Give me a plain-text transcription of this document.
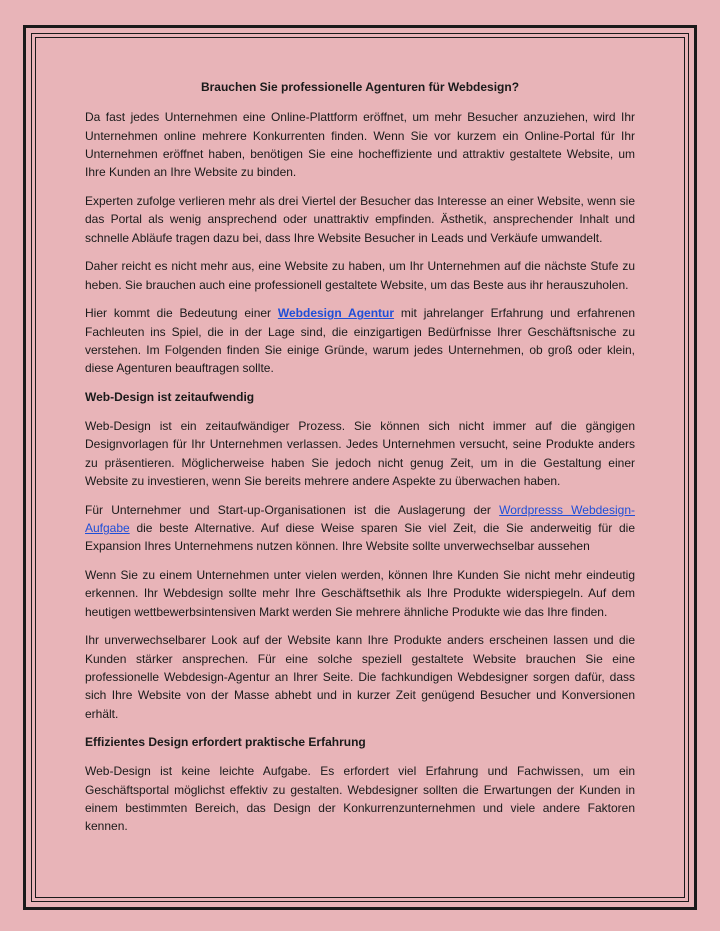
Brauchen Sie professionelle Agenturen für Webdesign?

Da fast jedes Unternehmen eine Online-Plattform eröffnet, um mehr Besucher anzuziehen, wird Ihr Unternehmen online mehrere Konkurrenten finden. Wenn Sie vor kurzem ein Online-Portal für Ihr Unternehmen eröffnet haben, benötigen Sie eine hocheffiziente und attraktiv gestaltete Website, um Ihre Kunden an Ihre Website zu binden.

Experten zufolge verlieren mehr als drei Viertel der Besucher das Interesse an einer Website, wenn sie das Portal als wenig ansprechend oder unattraktiv empfinden. Ästhetik, ansprechender Inhalt und schnelle Abläufe tragen dazu bei, dass Ihre Website Besucher in Leads und Verkäufe umwandelt.

Daher reicht es nicht mehr aus, eine Website zu haben, um Ihr Unternehmen auf die nächste Stufe zu heben. Sie brauchen auch eine professionell gestaltete Website, um das Beste aus ihr herauszuholen.

Hier kommt die Bedeutung einer Webdesign Agentur mit jahrelanger Erfahrung und erfahrenen Fachleuten ins Spiel, die in der Lage sind, die einzigartigen Bedürfnisse Ihrer Geschäftsnische zu verstehen. Im Folgenden finden Sie einige Gründe, warum jedes Unternehmen, ob groß oder klein, diese Agenturen beauftragen sollte.

Web-Design ist zeitaufwendig

Web-Design ist ein zeitaufwändiger Prozess. Sie können sich nicht immer auf die gängigen Designvorlagen für Ihr Unternehmen verlassen. Jedes Unternehmen versucht, seine Produkte anders zu präsentieren. Möglicherweise haben Sie jedoch nicht genug Zeit, um in die Gestaltung einer Website zu investieren, wenn Sie bereits mehrere andere Aspekte zu überwachen haben.

Für Unternehmer und Start-up-Organisationen ist die Auslagerung der Wordpresss Webdesign-Aufgabe die beste Alternative. Auf diese Weise sparen Sie viel Zeit, die Sie anderweitig für die Expansion Ihres Unternehmens nutzen können. Ihre Website sollte unverwechselbar aussehen

Wenn Sie zu einem Unternehmen unter vielen werden, können Ihre Kunden Sie nicht mehr eindeutig erkennen. Ihr Webdesign sollte mehr Ihre Geschäftsethik als Ihre Produkte widerspiegeln. Auf dem heutigen wettbewerbsintensiven Markt werden Sie mehrere ähnliche Produkte wie das Ihre finden.

Ihr unverwechselbarer Look auf der Website kann Ihre Produkte anders erscheinen lassen und die Kunden stärker ansprechen. Für eine solche speziell gestaltete Website brauchen Sie eine professionelle Webdesign-Agentur an Ihrer Seite. Die fachkundigen Webdesigner sorgen dafür, dass sich Ihre Website von der Masse abhebt und in kurzer Zeit genügend Besucher und Konversionen erhält.

Effizientes Design erfordert praktische Erfahrung

Web-Design ist keine leichte Aufgabe. Es erfordert viel Erfahrung und Fachwissen, um ein Geschäftsportal möglichst effektiv zu gestalten. Webdesigner sollten die Erwartungen der Kunden in einem bestimmten Bereich, das Design der Konkurrenzunternehmen und viele andere Faktoren kennen.
